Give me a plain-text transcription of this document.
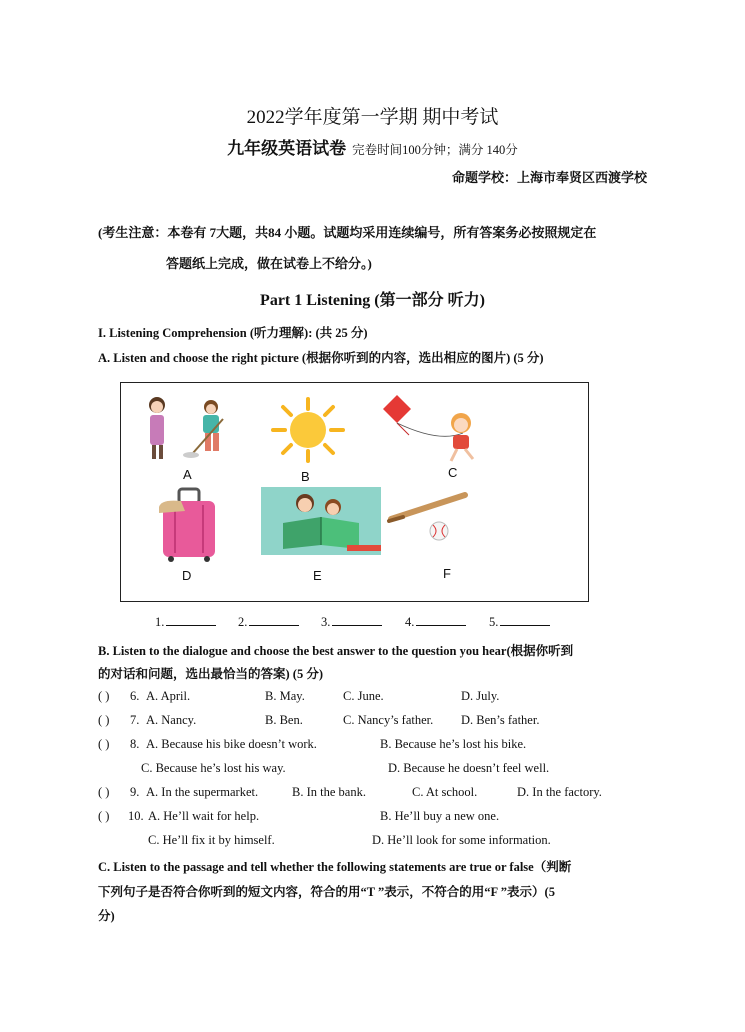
2022学年度第一学期 期中考试
九年级英语试卷 完卷时间100分钟；满分 140分
命题学校：上海市奉贤区西渡学校
(考生注意：本卷有 7大题，共84 小题。试题均采用连续编号，所有答案务必按照规定在
答题纸上完成，做在试卷上不给分。)
Part 1 Listening (第一部分 听力)
I. Listening Comprehension (听力理解): (共 25 分)
A. Listen and choose the right picture (根据你听到的内容，选出相应的图片) (5 分)
A	B	C
D	E	F
1.	2.	3.	4.	5.
B. Listen to the dialogue and choose the best answer to the question you hear(根据你听到
的对话和问题，选出最恰当的答案) (5 分)
( ) 6. A. April.	B. May.	C. June.	D. July.
( ) 7. A. Nancy.	B. Ben.	C. Nancy’s father. D. Ben’s father.
( ) 8. A. Because his bike doesn’t work.	B. Because he’s lost his bike.
C. Because he’s lost his way.	D. Because he doesn’t feel well.
( ) 9. A. In the supermarket.	B. In the bank.	C. At school.	D. In the factory.
( ) 10. A. He’ll wait for help.	B. He’ll buy a new one.
C. He’ll fix it by himself.	D. He’ll look for some information.
C. Listen to the passage and tell whether the following statements are true or false（判断
下列句子是否符合你听到的短文内容，符合的用“T ”表示，不符合的用“F ”表示）(5
分)
